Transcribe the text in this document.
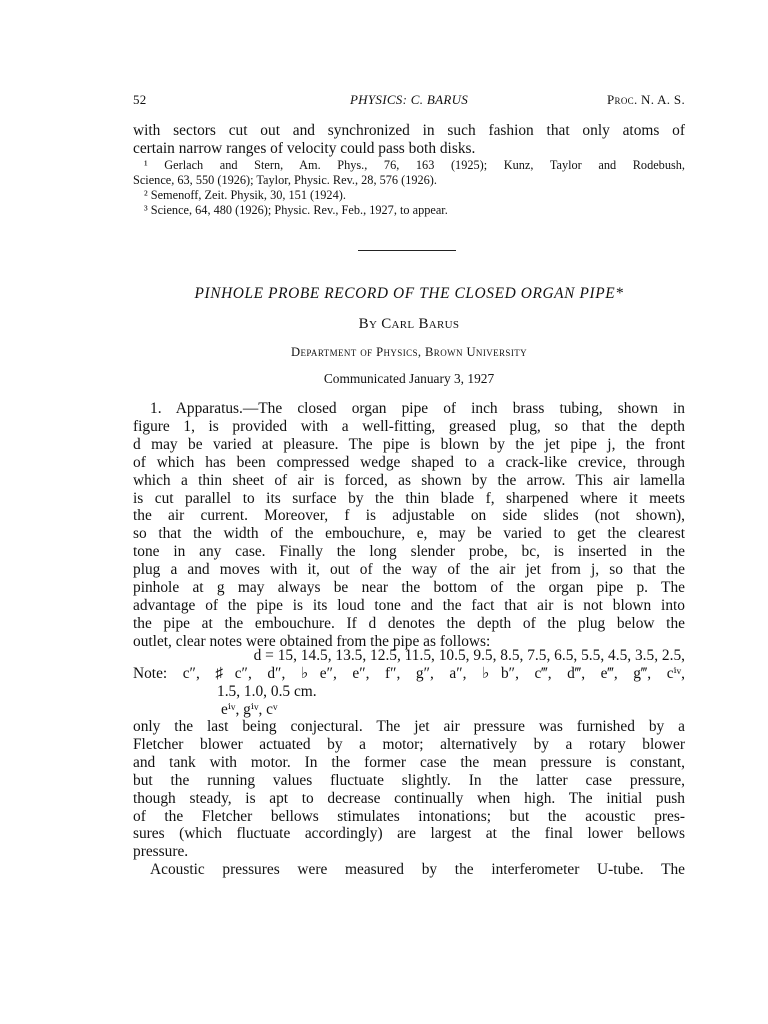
52	PHYSICS: C. BARUS	Proc. N. A. S.
with sectors cut out and synchronized in such fashion that only atoms of
certain narrow ranges of velocity could pass both disks.
¹ Gerlach and Stern, Am. Phys., 76, 163 (1925); Kunz, Taylor and Rodebush,
Science, 63, 550 (1926); Taylor, Physic. Rev., 28, 576 (1926).
² Semenoff, Zeit. Physik, 30, 151 (1924).
³ Science, 64, 480 (1926); Physic. Rev., Feb., 1927, to appear.
PINHOLE PROBE RECORD OF THE CLOSED ORGAN PIPE*
By Carl Barus
Department of Physics, Brown University
Communicated January 3, 1927
1. Apparatus.—The closed organ pipe of inch brass tubing, shown in
figure 1, is provided with a well-fitting, greased plug, so that the depth
d may be varied at pleasure. The pipe is blown by the jet pipe j, the front
of which has been compressed wedge shaped to a crack-like crevice, through
which a thin sheet of air is forced, as shown by the arrow. This air lamella
is cut parallel to its surface by the thin blade f, sharpened where it meets
the air current. Moreover, f is adjustable on side slides (not shown),
so that the width of the embouchure, e, may be varied to get the clearest
tone in any case. Finally the long slender probe, bc, is inserted in the
plug a and moves with it, out of the way of the air jet from j, so that the
pinhole at g may always be near the bottom of the organ pipe p. The
advantage of the pipe is its loud tone and the fact that air is not blown into
the pipe at the embouchure. If d denotes the depth of the plug below the
outlet, clear notes were obtained from the pipe as follows:
d = 15, 14.5, 13.5, 12.5, 11.5, 10.5, 9.5, 8.5, 7.5, 6.5, 5.5, 4.5, 3.5, 2.5,
Note: c″, ♯c″, d″, ♭e″, e″, f″, g″, a″, ♭b″, c‴, d‴, e‴, g‴, cⁱᵛ,
1.5, 1.0, 0.5 cm.
eⁱᵛ, gⁱᵛ, cᵛ
only the last being conjectural. The jet air pressure was furnished by a
Fletcher blower actuated by a motor; alternatively by a rotary blower
and tank with motor. In the former case the mean pressure is constant,
but the running values fluctuate slightly. In the latter case pressure,
though steady, is apt to decrease continually when high. The initial push
of the Fletcher bellows stimulates intonations; but the acoustic pres-
sures (which fluctuate accordingly) are largest at the final lower bellows
pressure.
Acoustic pressures were measured by the interferometer U-tube. The
